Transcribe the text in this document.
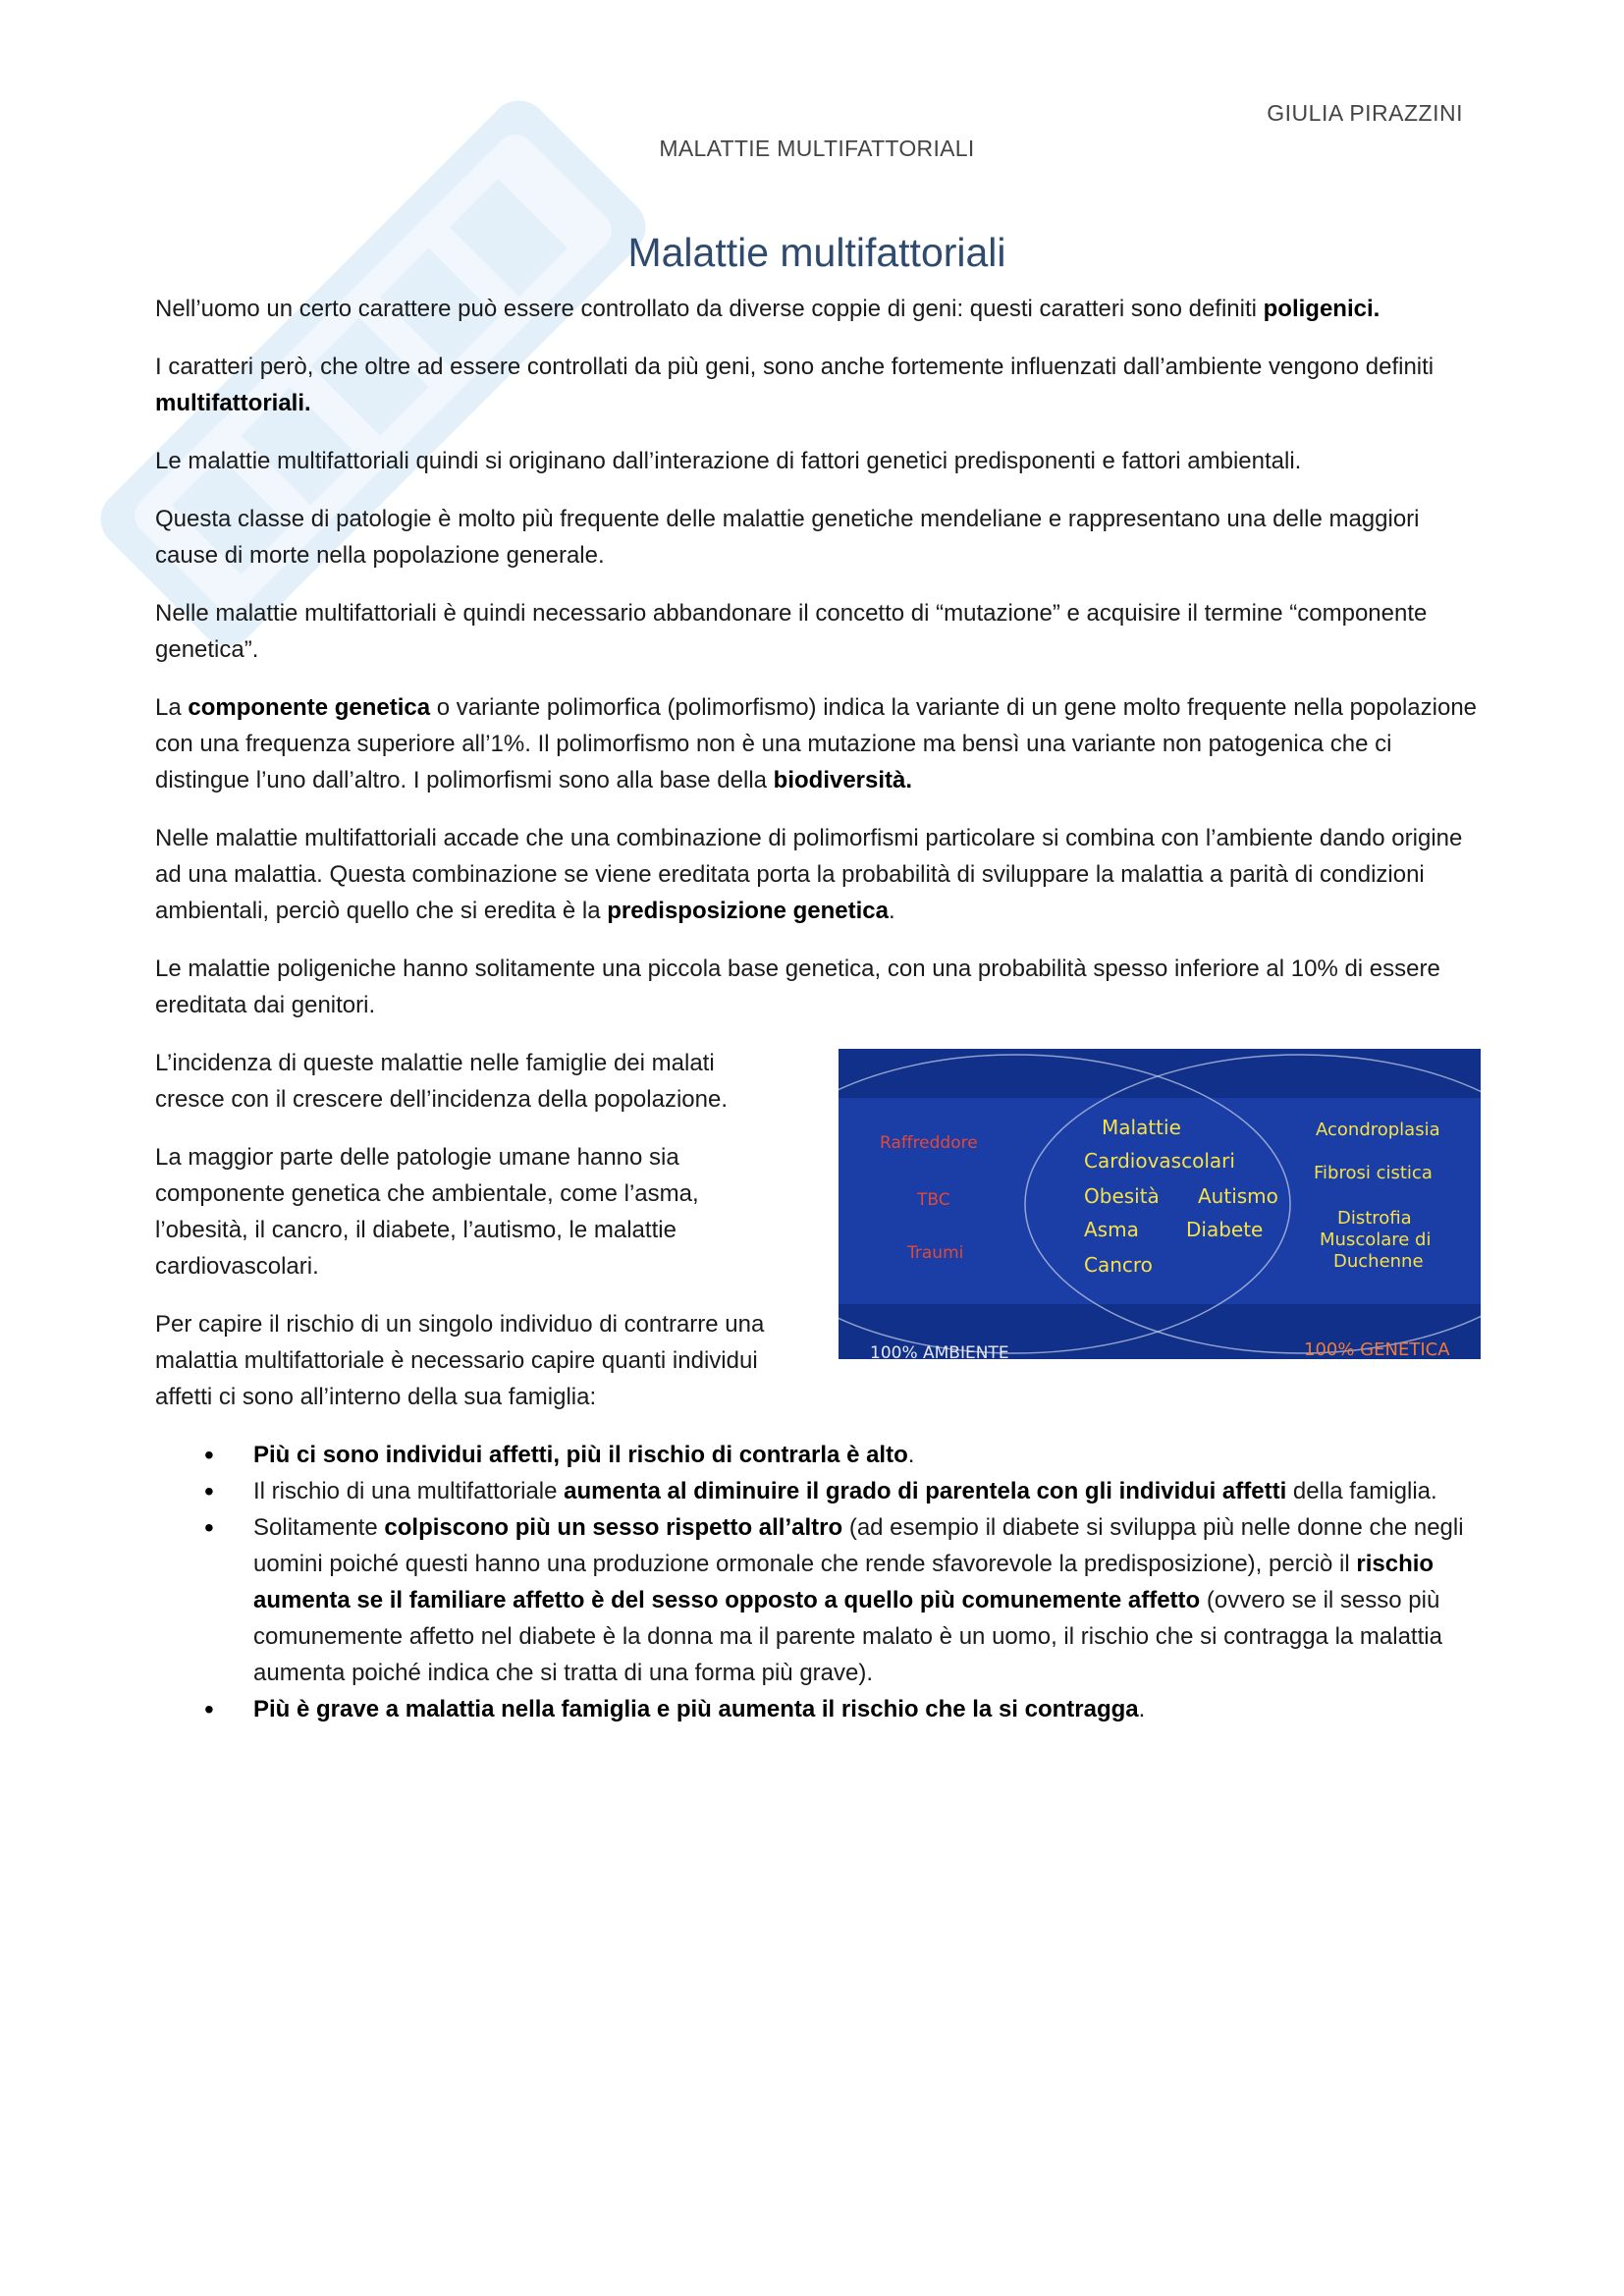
GIULIA PIRAZZINI
MALATTIE MULTIFATTORIALI
Malattie multifattoriali

Nell’uomo un certo carattere può essere controllato da diverse coppie di geni: questi caratteri sono definiti poligenici.

I caratteri però, che oltre ad essere controllati da più geni, sono anche fortemente influenzati dall’ambiente vengono definiti multifattoriali.

Le malattie multifattoriali quindi si originano dall’interazione di fattori genetici predisponenti e fattori ambientali.

Questa classe di patologie è molto più frequente delle malattie genetiche mendeliane e rappresentano una delle maggiori cause di morte nella popolazione generale.

Nelle malattie multifattoriali è quindi necessario abbandonare il concetto di “mutazione” e acquisire il termine “componente genetica”.

La componente genetica o variante polimorfica (polimorfismo) indica la variante di un gene molto frequente nella popolazione con una frequenza superiore all’1%. Il polimorfismo non è una mutazione ma bensì una variante non patogenica che ci distingue l’uno dall’altro. I polimorfismi sono alla base della biodiversità.

Nelle malattie multifattoriali accade che una combinazione di polimorfismi particolare si combina con l’ambiente dando origine ad una malattia. Questa combinazione se viene ereditata porta la probabilità di sviluppare la malattia a parità di condizioni ambientali, perciò quello che si eredita è la predisposizione genetica.

Le malattie poligeniche hanno solitamente una piccola base genetica, con una probabilità spesso inferiore al 10% di essere ereditata dai genitori.

Raffreddore
TBC
Traumi
Malattie
Cardiovascolari
Obesità Autismo
Asma Diabete
Cancro
Acondroplasia
Fibrosi cistica
Distrofia
Muscolare di
Duchenne
100% AMBIENTE	100% GENETICA

L’incidenza di queste malattie nelle famiglie dei malati cresce con il crescere dell’incidenza della popolazione.

La maggior parte delle patologie umane hanno sia componente genetica che ambientale, come l’asma, l’obesità, il cancro, il diabete, l’autismo, le malattie cardiovascolari.

Per capire il rischio di un singolo individuo di contrarre una malattia multifattoriale è necessario capire quanti individui affetti ci sono all’interno della sua famiglia:

• Più ci sono individui affetti, più il rischio di contrarla è alto.
• Il rischio di una multifattoriale aumenta al diminuire il grado di parentela con gli individui affetti della famiglia.
• Solitamente colpiscono più un sesso rispetto all’altro (ad esempio il diabete si sviluppa più nelle donne che negli uomini poiché questi hanno una produzione ormonale che rende sfavorevole la predisposizione), perciò il rischio aumenta se il familiare affetto è del sesso opposto a quello più comunemente affetto (ovvero se il sesso più comunemente affetto nel diabete è la donna ma il parente malato è un uomo, il rischio che si contragga la malattia aumenta poiché indica che si tratta di una forma più grave).
• Più è grave a malattia nella famiglia e più aumenta il rischio che la si contragga.
